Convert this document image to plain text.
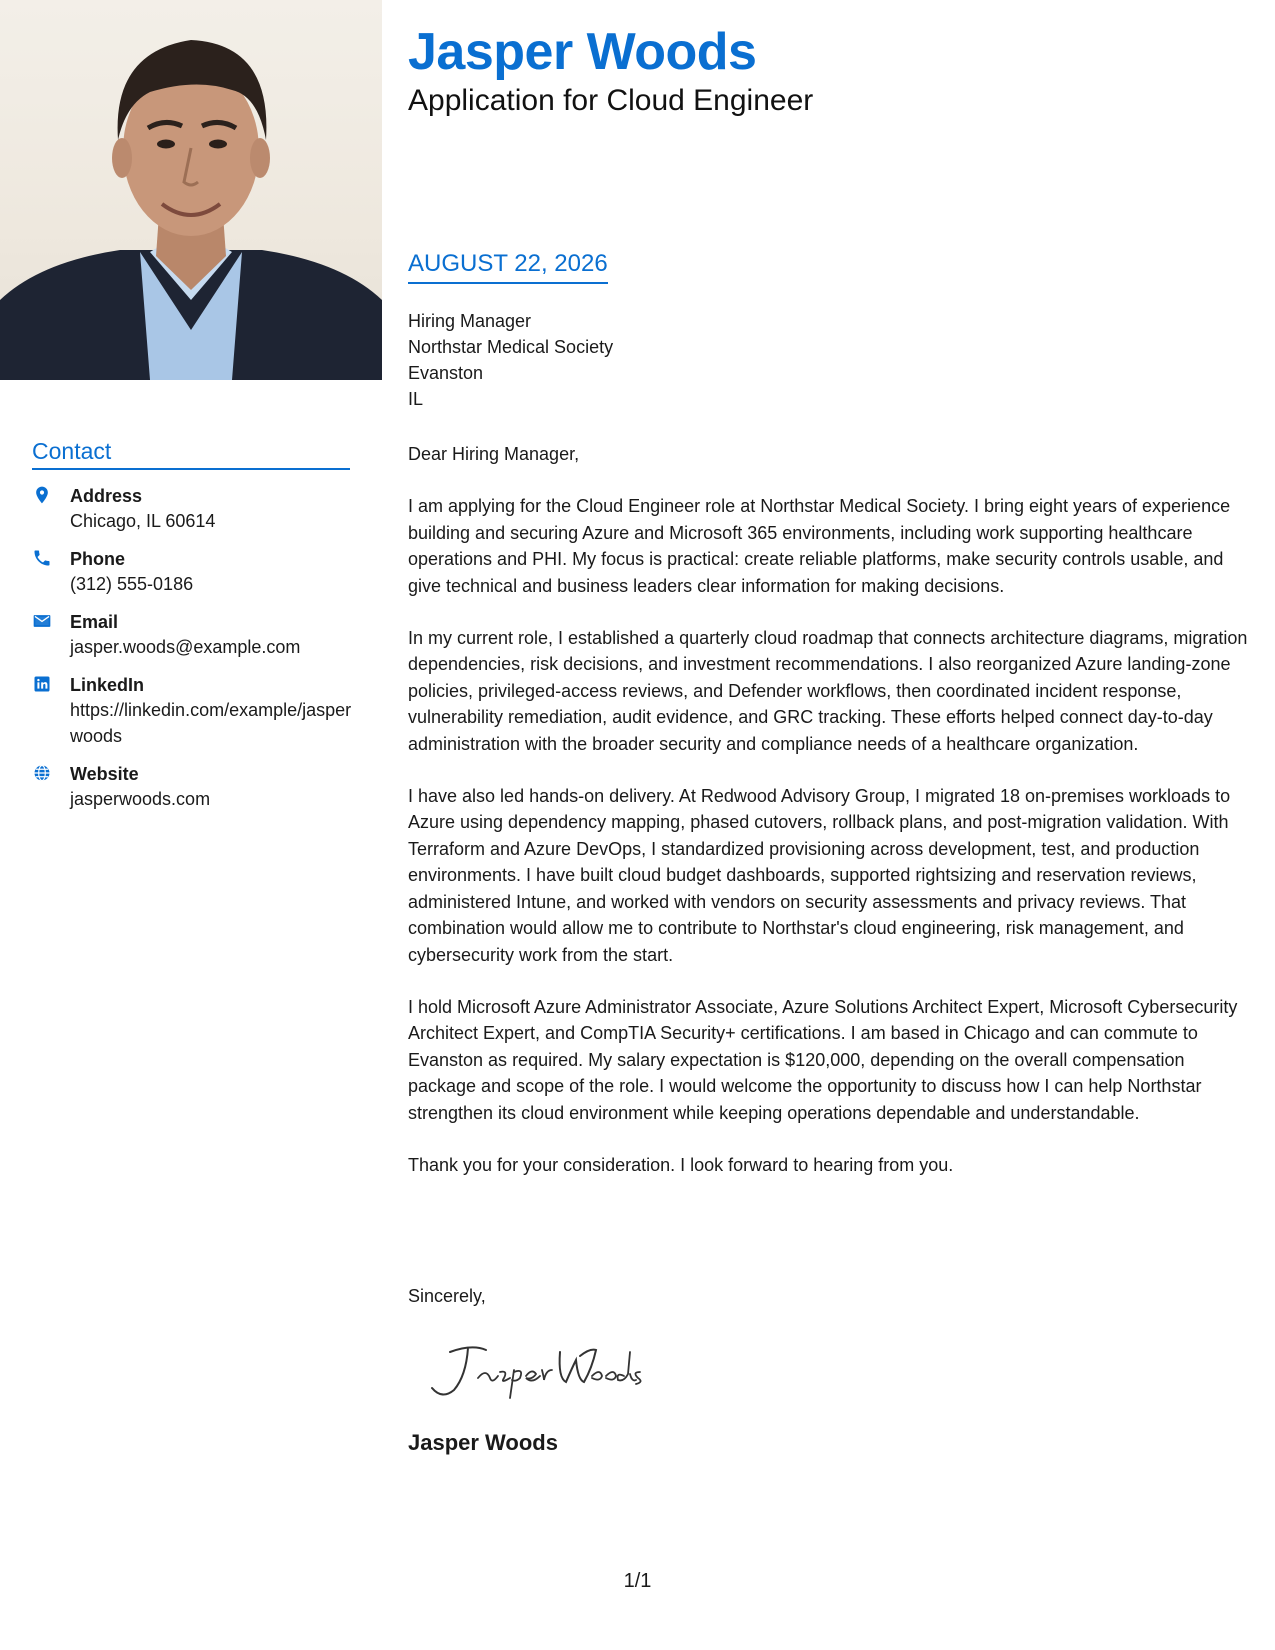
Jasper Woods
Application for Cloud Engineer
Contact
Address
Chicago, IL 60614
Phone
(312) 555-0186
Email
jasper.woods@example.com
LinkedIn
https://linkedin.com/example/jasperwoods
Website
jasperwoods.com
AUGUST 22, 2026
Hiring Manager
Northstar Medical Society
Evanston
IL

Dear Hiring Manager,

I am applying for the Cloud Engineer role at Northstar Medical Society. I bring eight years of experience building and securing Azure and Microsoft 365 environments, including work supporting healthcare operations and PHI. My focus is practical: create reliable platforms, make security controls usable, and give technical and business leaders clear information for making decisions.

In my current role, I established a quarterly cloud roadmap that connects architecture diagrams, migration dependencies, risk decisions, and investment recommendations. I also reorganized Azure landing-zone policies, privileged-access reviews, and Defender workflows, then coordinated incident response, vulnerability remediation, audit evidence, and GRC tracking. These efforts helped connect day-to-day administration with the broader security and compliance needs of a healthcare organization.

I have also led hands-on delivery. At Redwood Advisory Group, I migrated 18 on-premises workloads to Azure using dependency mapping, phased cutovers, rollback plans, and post-migration validation. With Terraform and Azure DevOps, I standardized provisioning across development, test, and production environments. I have built cloud budget dashboards, supported rightsizing and reservation reviews, administered Intune, and worked with vendors on security assessments and privacy reviews. That combination would allow me to contribute to Northstar's cloud engineering, risk management, and cybersecurity work from the start.

I hold Microsoft Azure Administrator Associate, Azure Solutions Architect Expert, Microsoft Cybersecurity Architect Expert, and CompTIA Security+ certifications. I am based in Chicago and can commute to Evanston as required. My salary expectation is $120,000, depending on the overall compensation package and scope of the role. I would welcome the opportunity to discuss how I can help Northstar strengthen its cloud environment while keeping operations dependable and understandable.

Thank you for your consideration. I look forward to hearing from you.

Sincerely,
Jasper Woods
1/1
